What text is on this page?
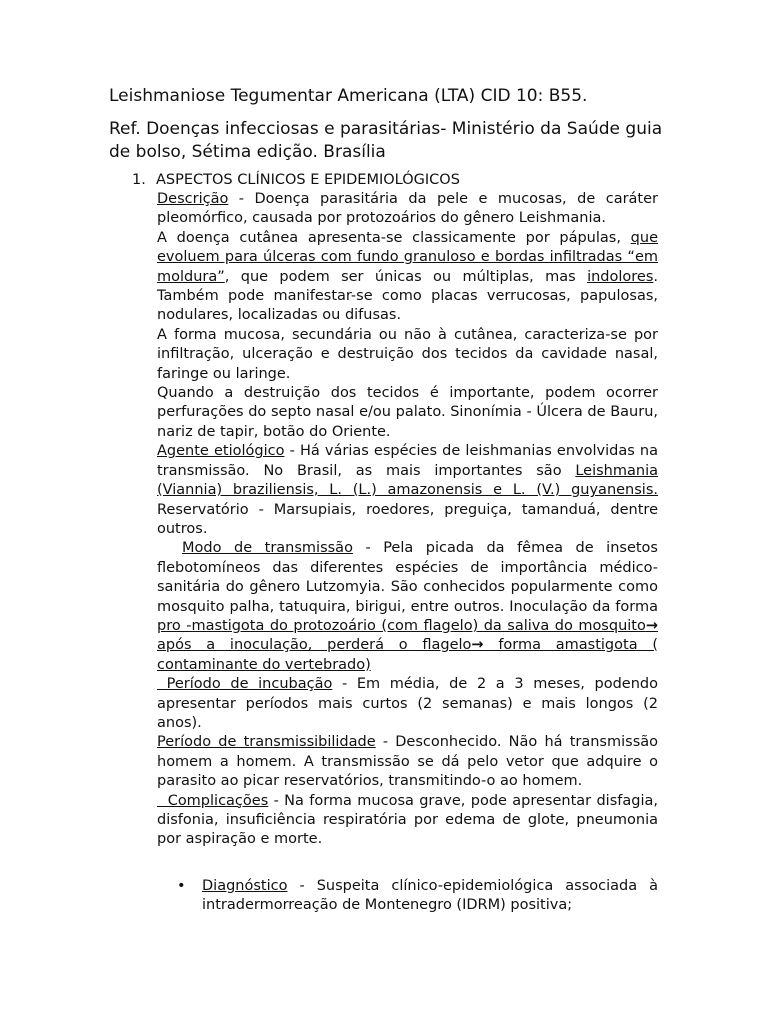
Leishmaniose Tegumentar Americana (LTA) CID 10: B55.
Ref. Doenças infecciosas e parasitárias- Ministério da Saúde guia de bolso, Sétima edição. Brasília
1. ASPECTOS CLÍNICOS E EPIDEMIOLÓGICOS

Descrição - Doença parasitária da pele e mucosas, de caráter pleomórfico, causada por protozoários do gênero Leishmania.

A doença cutânea apresenta-se classicamente por pápulas, que evoluem para úlceras com fundo granuloso e bordas infiltradas “em moldura”, que podem ser únicas ou múltiplas, mas indolores. Também pode manifestar-se como placas verrucosas, papulosas, nodulares, localizadas ou difusas.

A forma mucosa, secundária ou não à cutânea, caracteriza-se por infiltração, ulceração e destruição dos tecidos da cavidade nasal, faringe ou laringe.

Quando a destruição dos tecidos é importante, podem ocorrer perfurações do septo nasal e/ou palato. Sinonímia - Úlcera de Bauru, nariz de tapir, botão do Oriente.

Agente etiológico - Há várias espécies de leishmanias envolvidas na transmissão. No Brasil, as mais importantes são Leishmania (Viannia) braziliensis, L. (L.) amazonensis e L. (V.) guyanensis. Reservatório - Marsupiais, roedores, preguiça, tamanduá, dentre outros.

Modo de transmissão - Pela picada da fêmea de insetos flebotomíneos das diferentes espécies de importância médico-sanitária do gênero Lutzomyia. São conhecidos popularmente como mosquito palha, tatuquira, birigui, entre outros. Inoculação da forma pro -mastigota do protozoário (com flagelo) da saliva do mosquito→ após a inoculação, perderá o flagelo→ forma amastigota ( contaminante do vertebrado)

Período de incubação - Em média, de 2 a 3 meses, podendo apresentar períodos mais curtos (2 semanas) e mais longos (2 anos).

Período de transmissibilidade - Desconhecido. Não há transmissão homem a homem. A transmissão se dá pelo vetor que adquire o parasito ao picar reservatórios, transmitindo-o ao homem.

Complicações - Na forma mucosa grave, pode apresentar disfagia, disfonia, insuficiência respiratória por edema de glote, pneumonia por aspiração e morte.

•	Diagnóstico - Suspeita clínico-epidemiológica associada à intradermorreação de Montenegro (IDRM) positiva;
